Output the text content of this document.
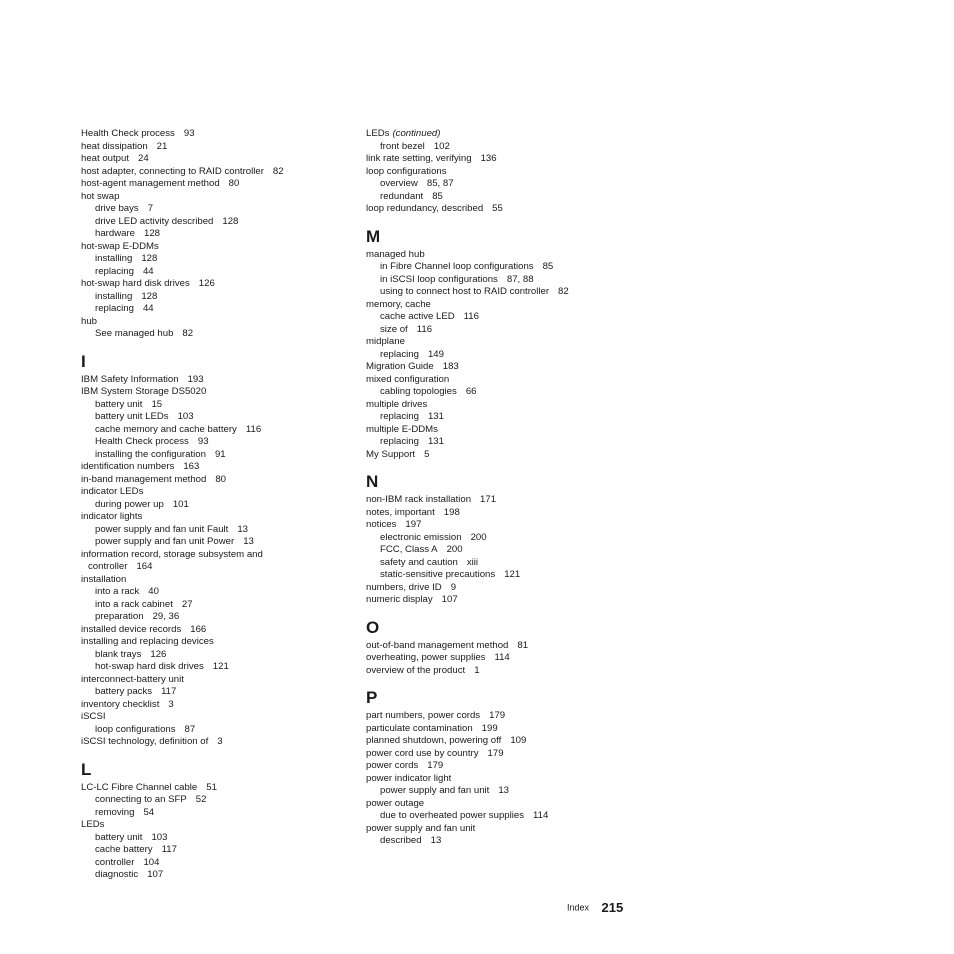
Health Check process 93
heat dissipation 21
heat output 24
host adapter, connecting to RAID controller 82
host-agent management method 80
hot swap
drive bays 7
drive LED activity described 128
hardware 128
hot-swap E-DDMs
installing 128
replacing 44
hot-swap hard disk drives 126
installing 128
replacing 44
hub
See managed hub 82
I
IBM Safety Information 193
IBM System Storage DS5020
battery unit 15
battery unit LEDs 103
cache memory and cache battery 116
Health Check process 93
installing the configuration 91
identification numbers 163
in-band management method 80
indicator LEDs
during power up 101
indicator lights
power supply and fan unit Fault 13
power supply and fan unit Power 13
information record, storage subsystem and
controller 164
installation
into a rack 40
into a rack cabinet 27
preparation 29, 36
installed device records 166
installing and replacing devices
blank trays 126
hot-swap hard disk drives 121
interconnect-battery unit
battery packs 117
inventory checklist 3
iSCSI
loop configurations 87
iSCSI technology, definition of 3
L
LC-LC Fibre Channel cable 51
connecting to an SFP 52
removing 54
LEDs
battery unit 103
cache battery 117
controller 104
diagnostic 107
LEDs (continued)
front bezel 102
link rate setting, verifying 136
loop configurations
overview 85, 87
redundant 85
loop redundancy, described 55
M
managed hub
in Fibre Channel loop configurations 85
in iSCSI loop configurations 87, 88
using to connect host to RAID controller 82
memory, cache
cache active LED 116
size of 116
midplane
replacing 149
Migration Guide 183
mixed configuration
cabling topologies 66
multiple drives
replacing 131
multiple E-DDMs
replacing 131
My Support 5
N
non-IBM rack installation 171
notes, important 198
notices 197
electronic emission 200
FCC, Class A 200
safety and caution xiii
static-sensitive precautions 121
numbers, drive ID 9
numeric display 107
O
out-of-band management method 81
overheating, power supplies 114
overview of the product 1
P
part numbers, power cords 179
particulate contamination 199
planned shutdown, powering off 109
power cord use by country 179
power cords 179
power indicator light
power supply and fan unit 13
power outage
due to overheated power supplies 114
power supply and fan unit
described 13
Index 215
